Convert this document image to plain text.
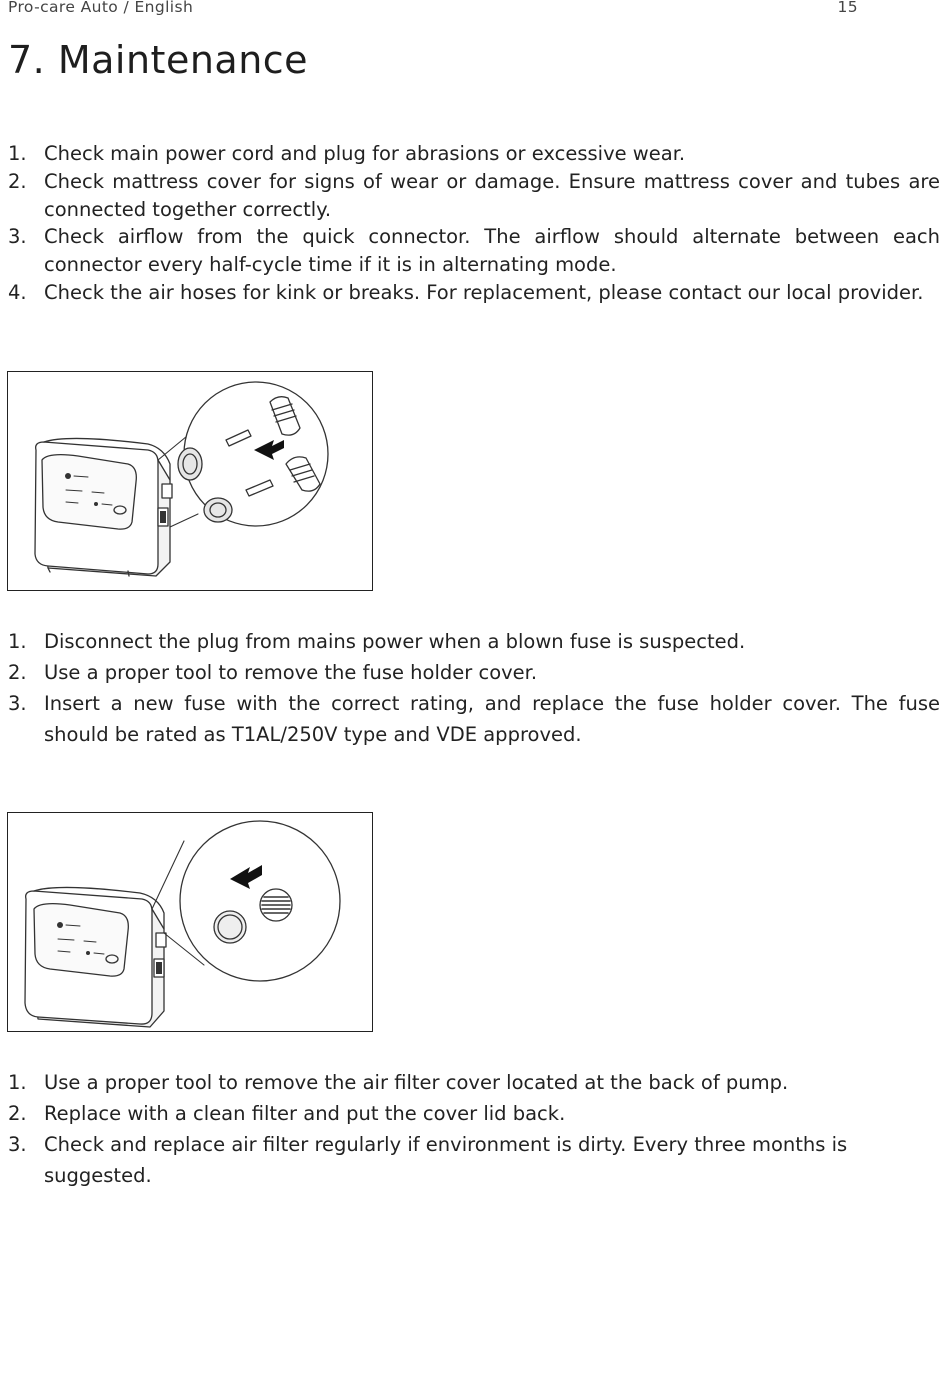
Pro-care Auto / English	15
7. Maintenance
1. Check main power cord and plug for abrasions or excessive wear.
2. Check mattress cover for signs of wear or damage. Ensure mattress cover and tubes are connected together correctly.
3. Check airflow from the quick connector. The airflow should alternate between each connector every half-cycle time if it is in alternating mode.
4. Check the air hoses for kink or breaks. For replacement, please contact our local provider.
1. Disconnect the plug from mains power when a blown fuse is suspected.
2. Use a proper tool to remove the fuse holder cover.
3. Insert a new fuse with the correct rating, and replace the fuse holder cover. The fuse should be rated as T1AL/250V type and VDE approved.
1. Use a proper tool to remove the air filter cover located at the back of pump.
2. Replace with a clean filter and put the cover lid back.
3. Check and replace air filter regularly if environment is dirty. Every three months is suggested.
